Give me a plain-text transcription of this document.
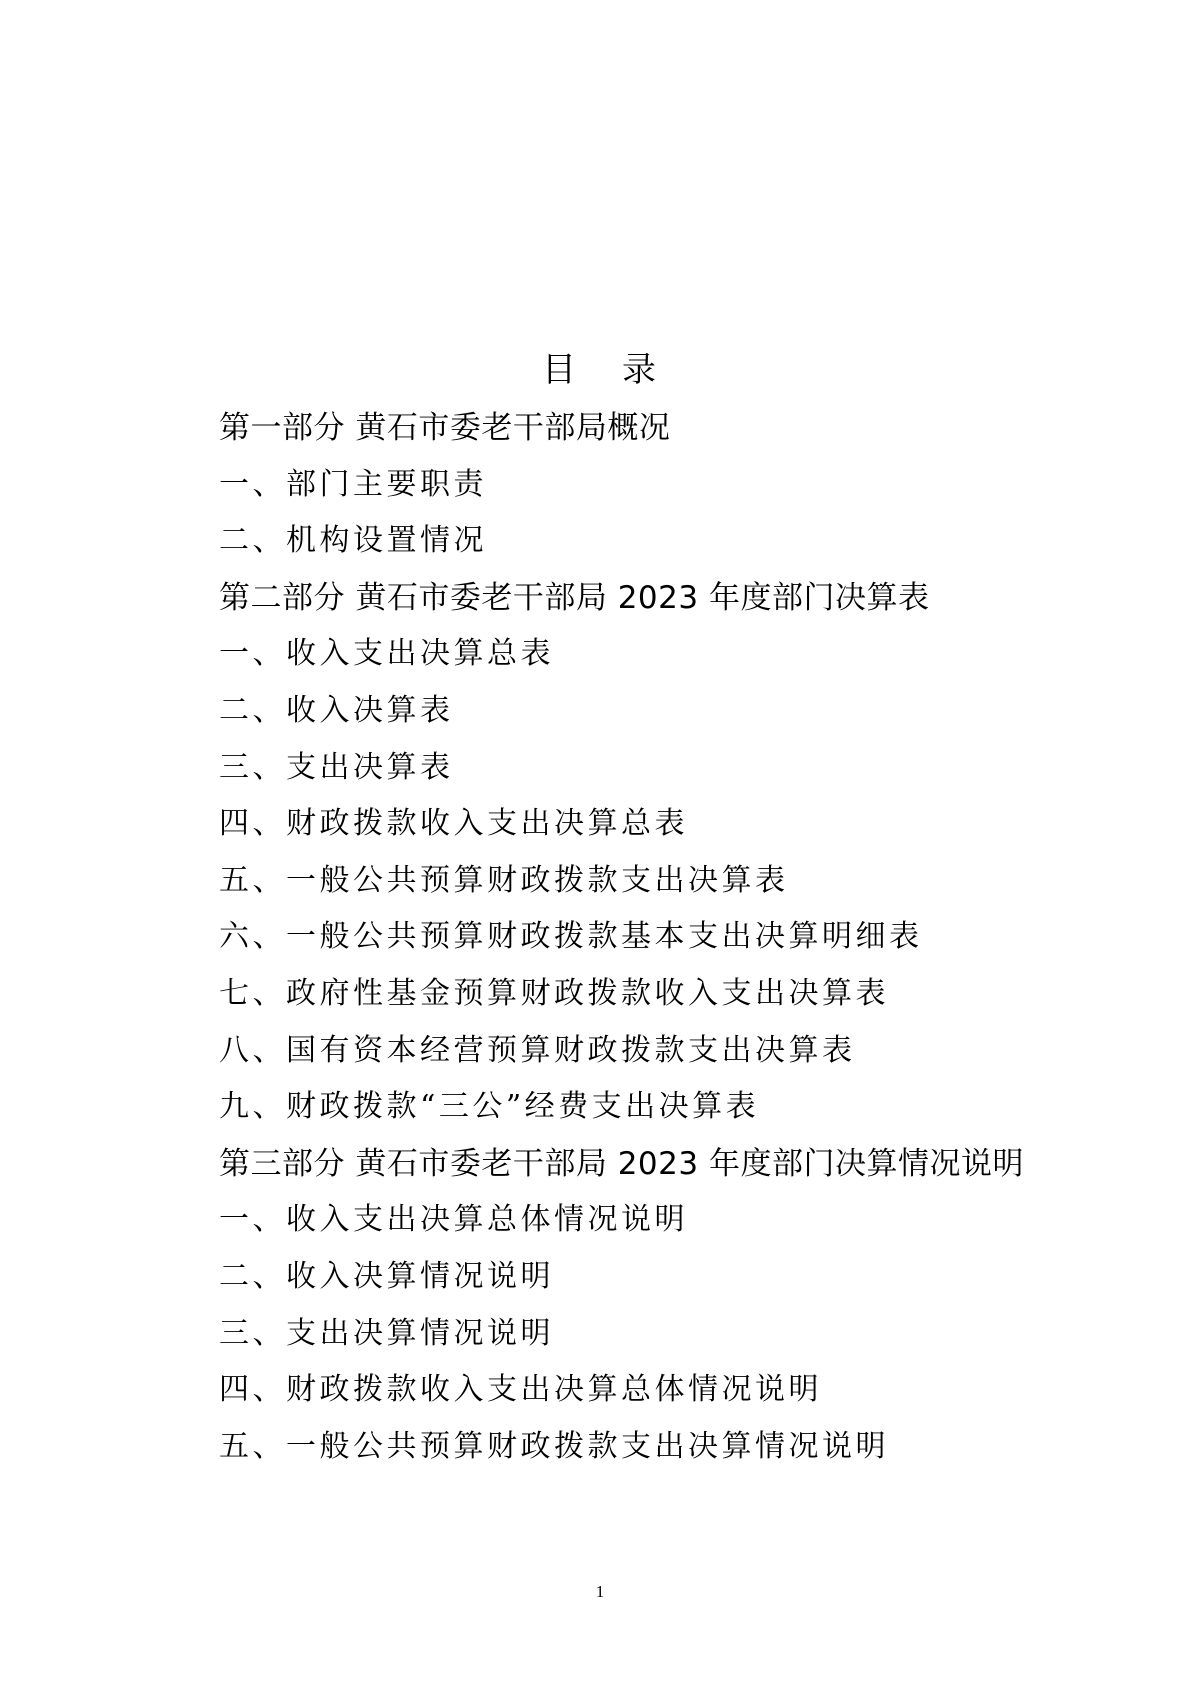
目 录
第一部分 黄石市委老干部局概况
一、部门主要职责
二、机构设置情况
第二部分 黄石市委老干部局 2023 年度部门决算表
一、收入支出决算总表
二、收入决算表
三、支出决算表
四、财政拨款收入支出决算总表
五、一般公共预算财政拨款支出决算表
六、一般公共预算财政拨款基本支出决算明细表
七、政府性基金预算财政拨款收入支出决算表
八、国有资本经营预算财政拨款支出决算表
九、财政拨款“三公”经费支出决算表
第三部分 黄石市委老干部局 2023 年度部门决算情况说明
一、收入支出决算总体情况说明
二、收入决算情况说明
三、支出决算情况说明
四、财政拨款收入支出决算总体情况说明
五、一般公共预算财政拨款支出决算情况说明
1
